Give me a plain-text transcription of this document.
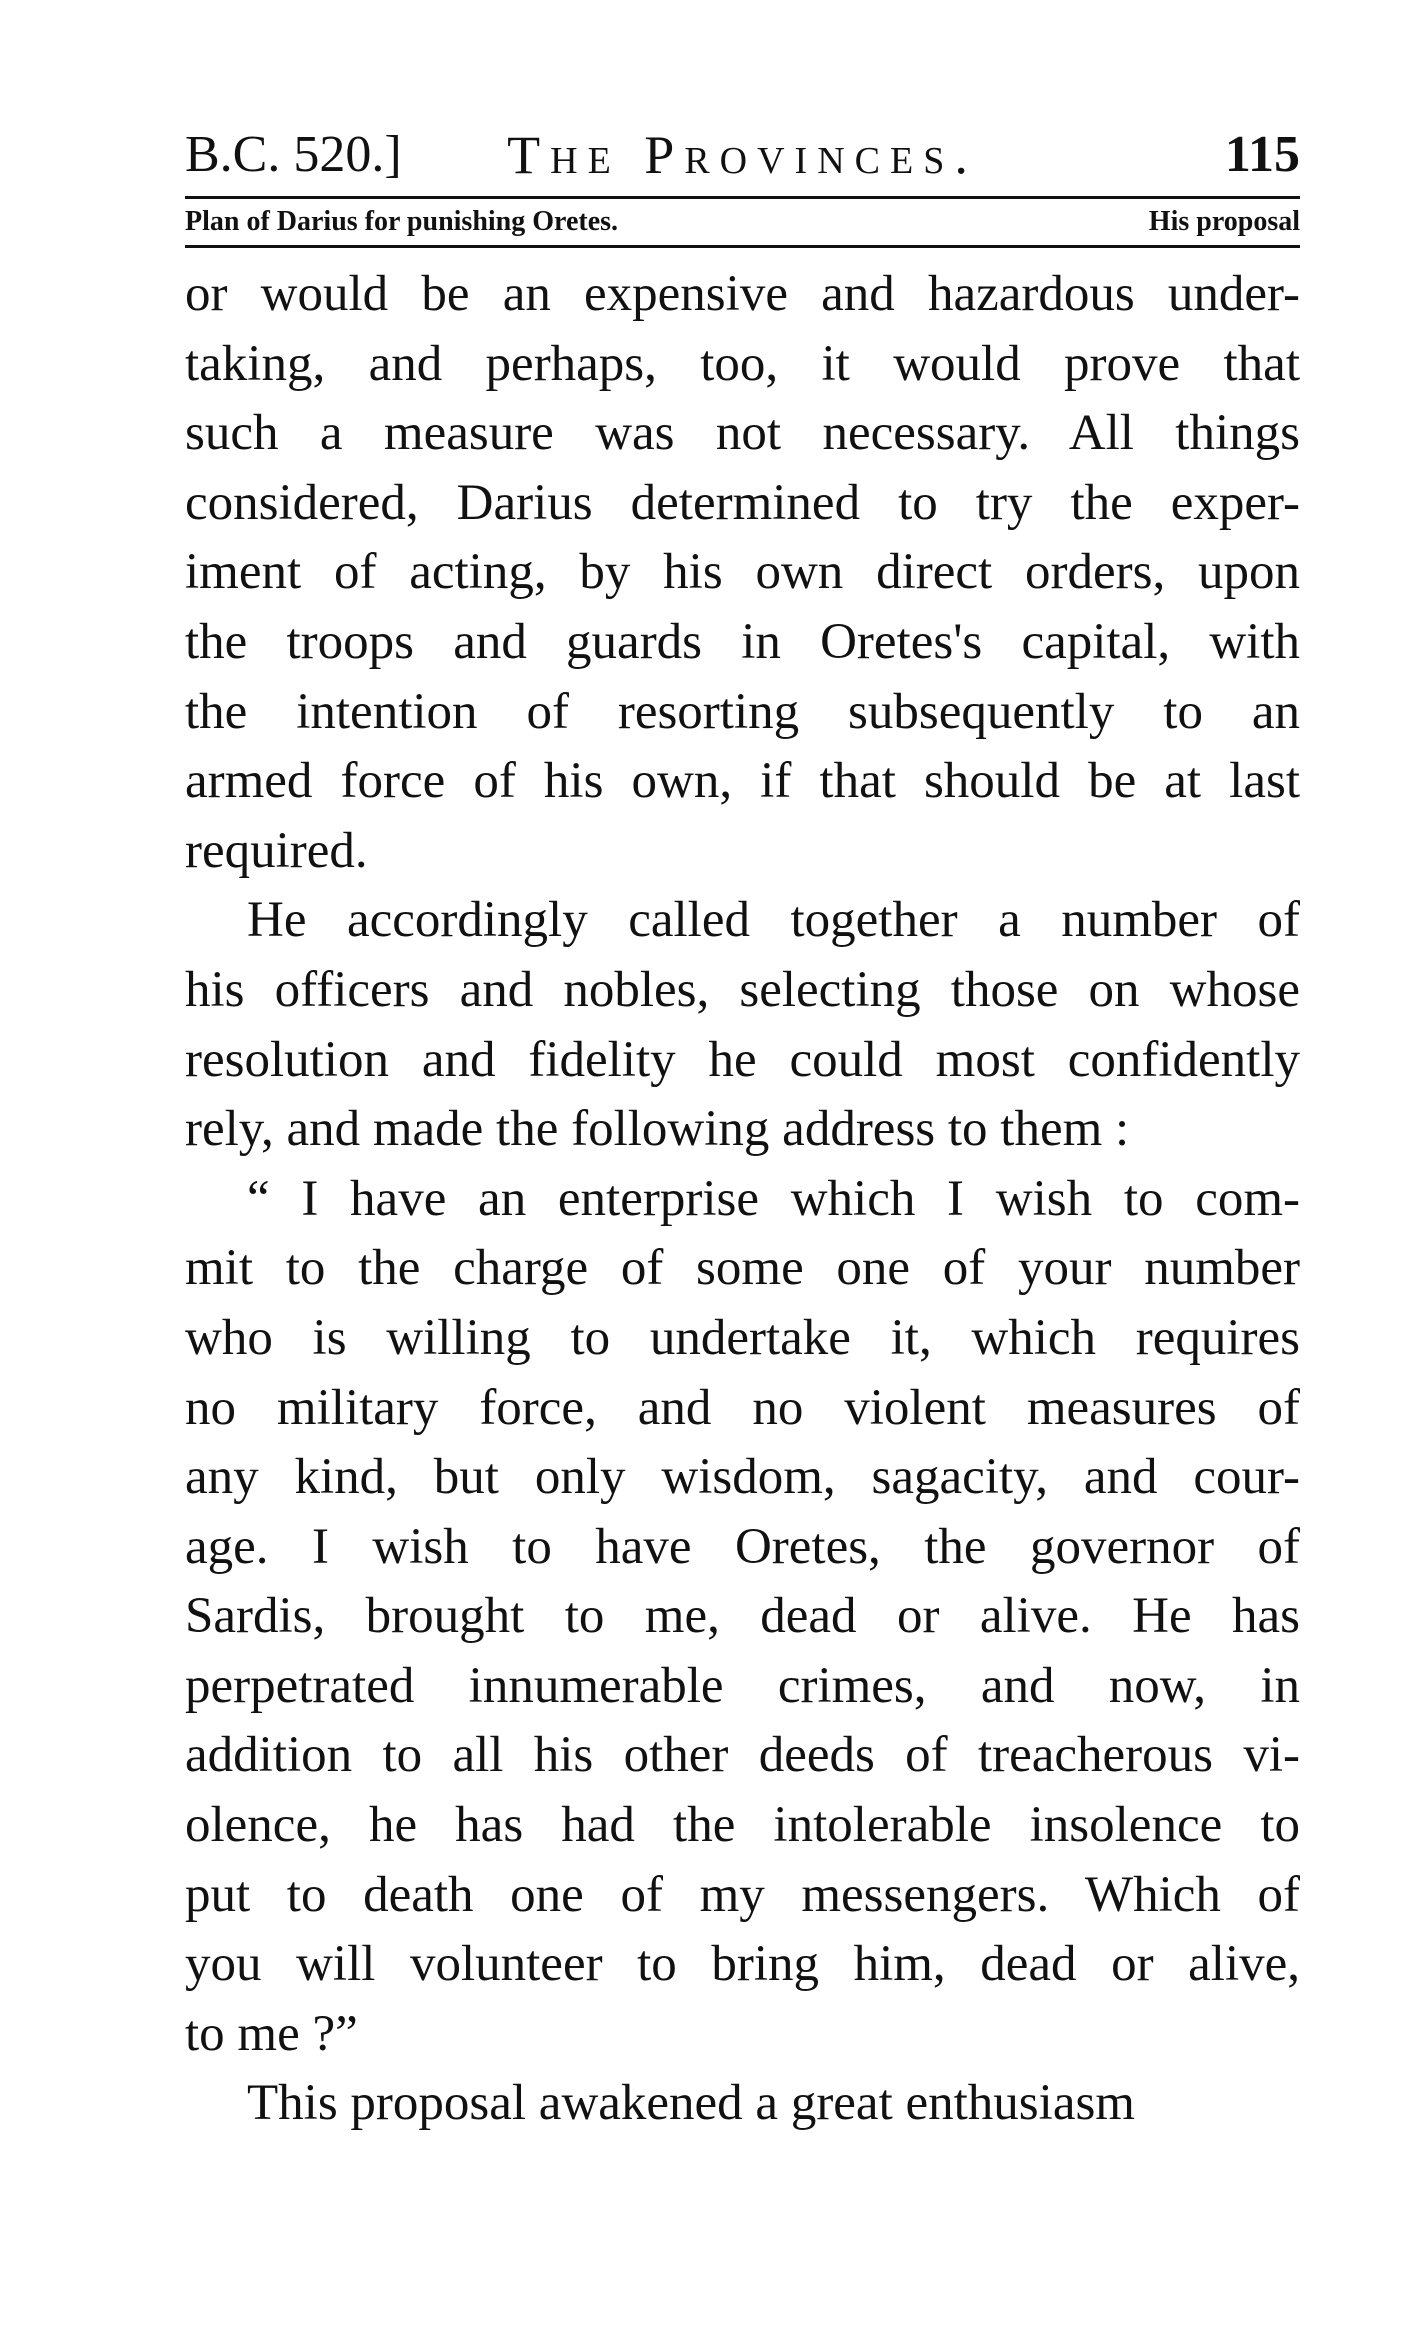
B.C. 520.]	The Provinces.	115
Plan of Darius for punishing Oretes.	His proposal
or would be an expensive and hazardous under-
taking, and perhaps, too, it would prove that
such a measure was not necessary. All things
considered, Darius determined to try the exper-
iment of acting, by his own direct orders, upon
the troops and guards in Oretes's capital, with
the intention of resorting subsequently to an
armed force of his own, if that should be at last
required.
He accordingly called together a number of
his officers and nobles, selecting those on whose
resolution and fidelity he could most confidently
rely, and made the following address to them :
“ I have an enterprise which I wish to com-
mit to the charge of some one of your number
who is willing to undertake it, which requires
no military force, and no violent measures of
any kind, but only wisdom, sagacity, and cour-
age. I wish to have Oretes, the governor of
Sardis, brought to me, dead or alive. He has
perpetrated innumerable crimes, and now, in
addition to all his other deeds of treacherous vi-
olence, he has had the intolerable insolence to
put to death one of my messengers. Which of
you will volunteer to bring him, dead or alive,
to me ?”
This proposal awakened a great enthusiasm
